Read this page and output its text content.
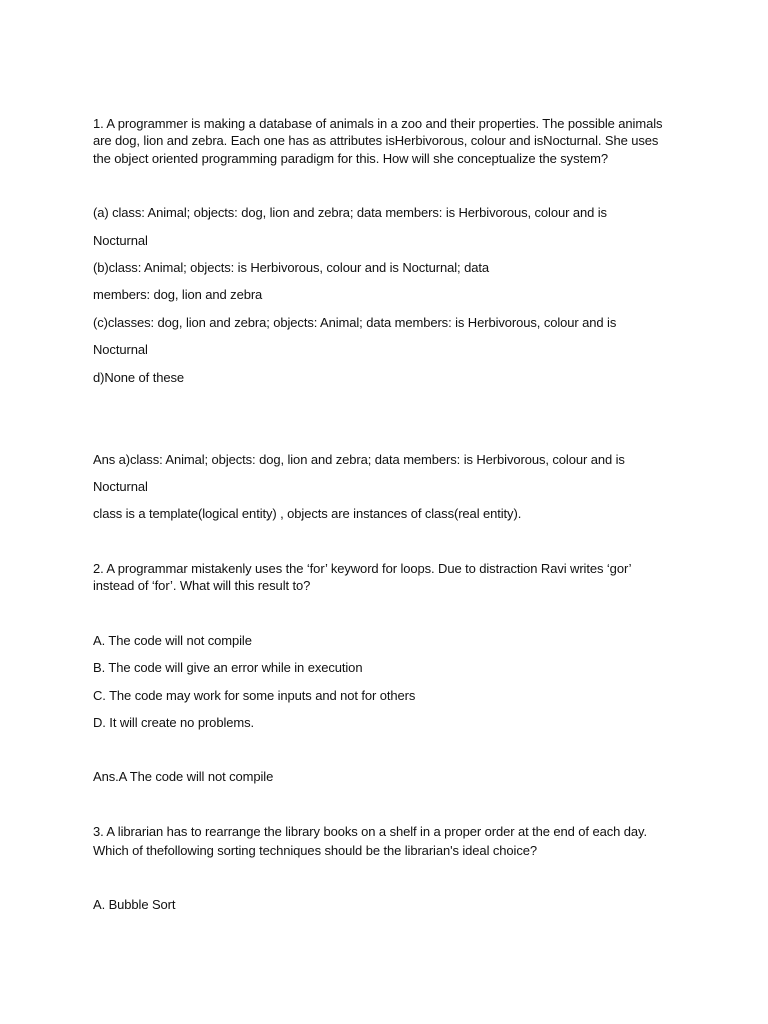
1. A programmer is making a database of animals in a zoo and their properties. The possible animals
are dog, lion and zebra. Each one has as attributes isHerbivorous, colour and isNocturnal. She uses
the object oriented programming paradigm for this. How will she conceptualize the system?
(a) class: Animal; objects: dog, lion and zebra; data members: is Herbivorous, colour and is
Nocturnal
(b)class: Animal; objects: is Herbivorous, colour and is Nocturnal; data
members: dog, lion and zebra
(c)classes: dog, lion and zebra; objects: Animal; data members: is Herbivorous, colour and is
Nocturnal
d)None of these
Ans a)class: Animal; objects: dog, lion and zebra; data members: is Herbivorous, colour and is
Nocturnal
class is a template(logical entity) , objects are instances of class(real entity).
2. A programmar mistakenly uses the ‘for’ keyword for loops. Due to distraction Ravi writes ‘gor’
instead of ‘for’. What will this result to?
A. The code will not compile
B. The code will give an error while in execution
C. The code may work for some inputs and not for others
D. It will create no problems.
Ans.A The code will not compile
3. A librarian has to rearrange the library books on a shelf in a proper order at the end of each day.
Which of thefollowing sorting techniques should be the librarian's ideal choice?
A. Bubble Sort
